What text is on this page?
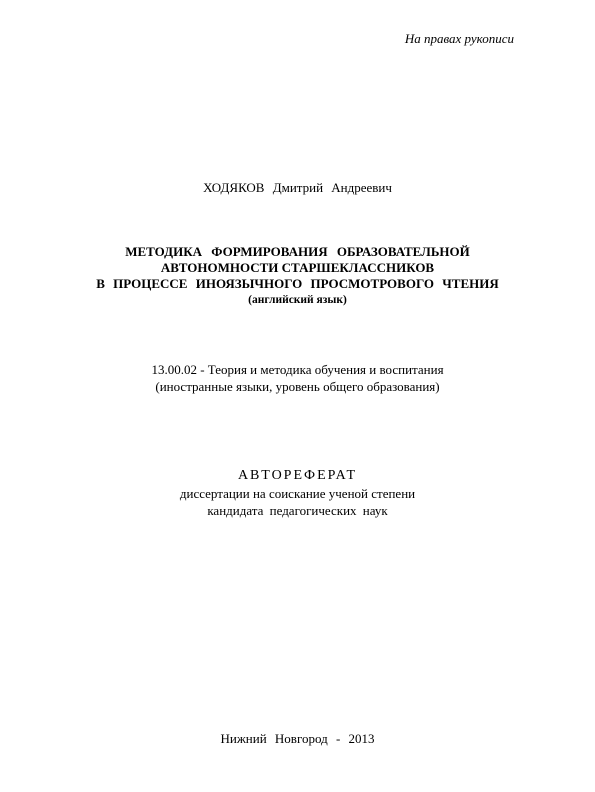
На правах рукописи
ХОДЯКОВ Дмитрий Андреевич
МЕТОДИКА ФОРМИРОВАНИЯ ОБРАЗОВАТЕЛЬНОЙ
АВТОНОМНОСТИ СТАРШЕКЛАССНИКОВ
В ПРОЦЕССЕ ИНОЯЗЫЧНОГО ПРОСМОТРОВОГО ЧТЕНИЯ
(английский язык)
13.00.02 - Теория и методика обучения и воспитания
(иностранные языки, уровень общего образования)
АВТОРЕФЕРАТ
диссертации на соискание ученой степени
кандидата педагогических наук
Нижний Новгород - 2013
